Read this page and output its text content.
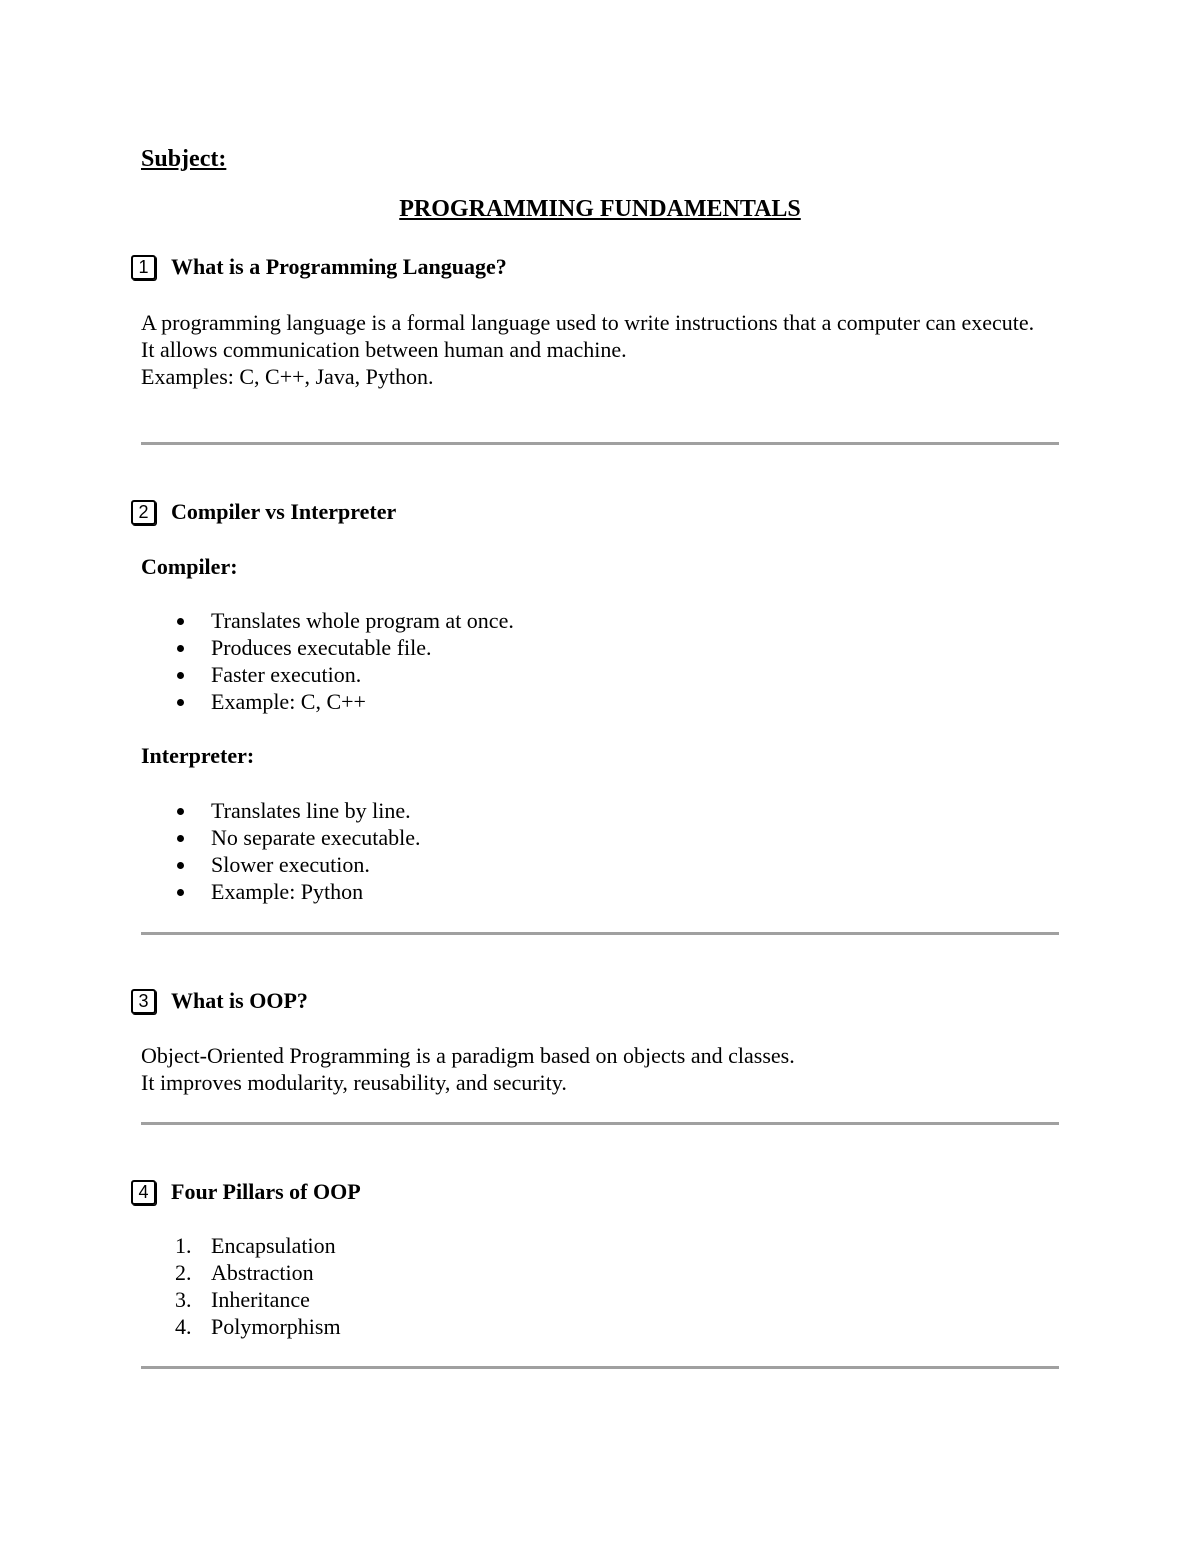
Subject:
PROGRAMMING FUNDAMENTALS
1	What is a Programming Language?

A programming language is a formal language used to write instructions that a computer can execute.

It allows communication between human and machine.

Examples: C, C++, Java, Python.

2	Compiler vs Interpreter
Compiler:
Translates whole program at once.
Produces executable file.
Faster execution.
Example: C, C++
Interpreter:
Translates line by line.
No separate executable.
Slower execution.
Example: Python
3	What is OOP?

Object-Oriented Programming is a paradigm based on objects and classes.

It improves modularity, reusability, and security.

4	Four Pillars of OOP
1. Encapsulation
2. Abstraction
3. Inheritance
4. Polymorphism
